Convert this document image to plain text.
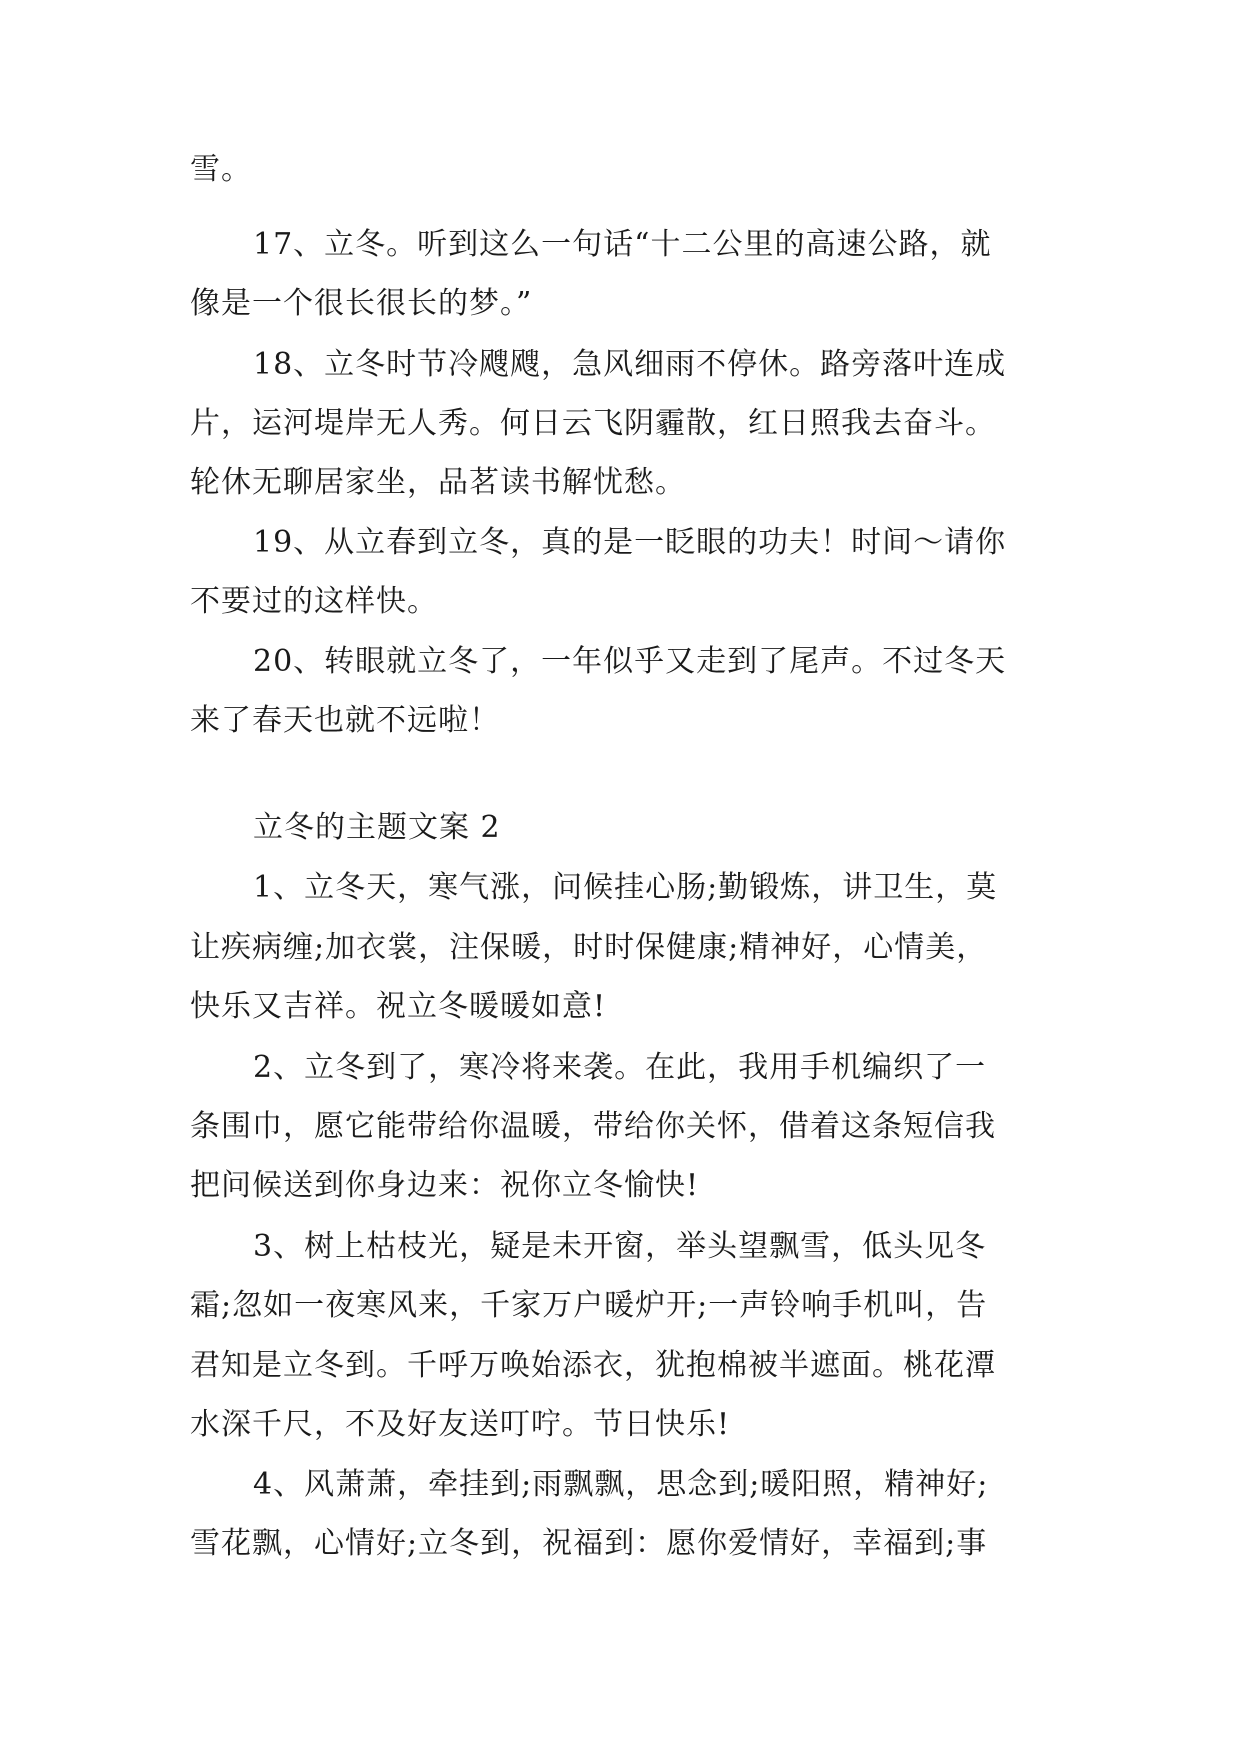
雪。
17、立冬。听到这么一句话“十二公里的高速公路，就
像是一个很长很长的梦。”
18、立冬时节冷飕飕，急风细雨不停休。路旁落叶连成
片，运河堤岸无人秀。何日云飞阴霾散，红日照我去奋斗。
轮休无聊居家坐，品茗读书解忧愁。
19、从立春到立冬，真的是一眨眼的功夫！时间～请你
不要过的这样快。
20、转眼就立冬了，一年似乎又走到了尾声。不过冬天
来了春天也就不远啦！
立冬的主题文案 2
1、立冬天，寒气涨，问候挂心肠;勤锻炼，讲卫生，莫
让疾病缠;加衣裳，注保暖，时时保健康;精神好，心情美，
快乐又吉祥。祝立冬暖暖如意!
2、立冬到了，寒冷将来袭。在此，我用手机编织了一
条围巾，愿它能带给你温暖，带给你关怀，借着这条短信我
把问候送到你身边来：祝你立冬愉快!
3、树上枯枝光，疑是未开窗，举头望飘雪，低头见冬
霜;忽如一夜寒风来，千家万户暖炉开;一声铃响手机叫，告
君知是立冬到。千呼万唤始添衣，犹抱棉被半遮面。桃花潭
水深千尺，不及好友送叮咛。节日快乐!
4、风萧萧，牵挂到;雨飘飘，思念到;暖阳照，精神好;
雪花飘，心情好;立冬到，祝福到：愿你爱情好，幸福到;事
